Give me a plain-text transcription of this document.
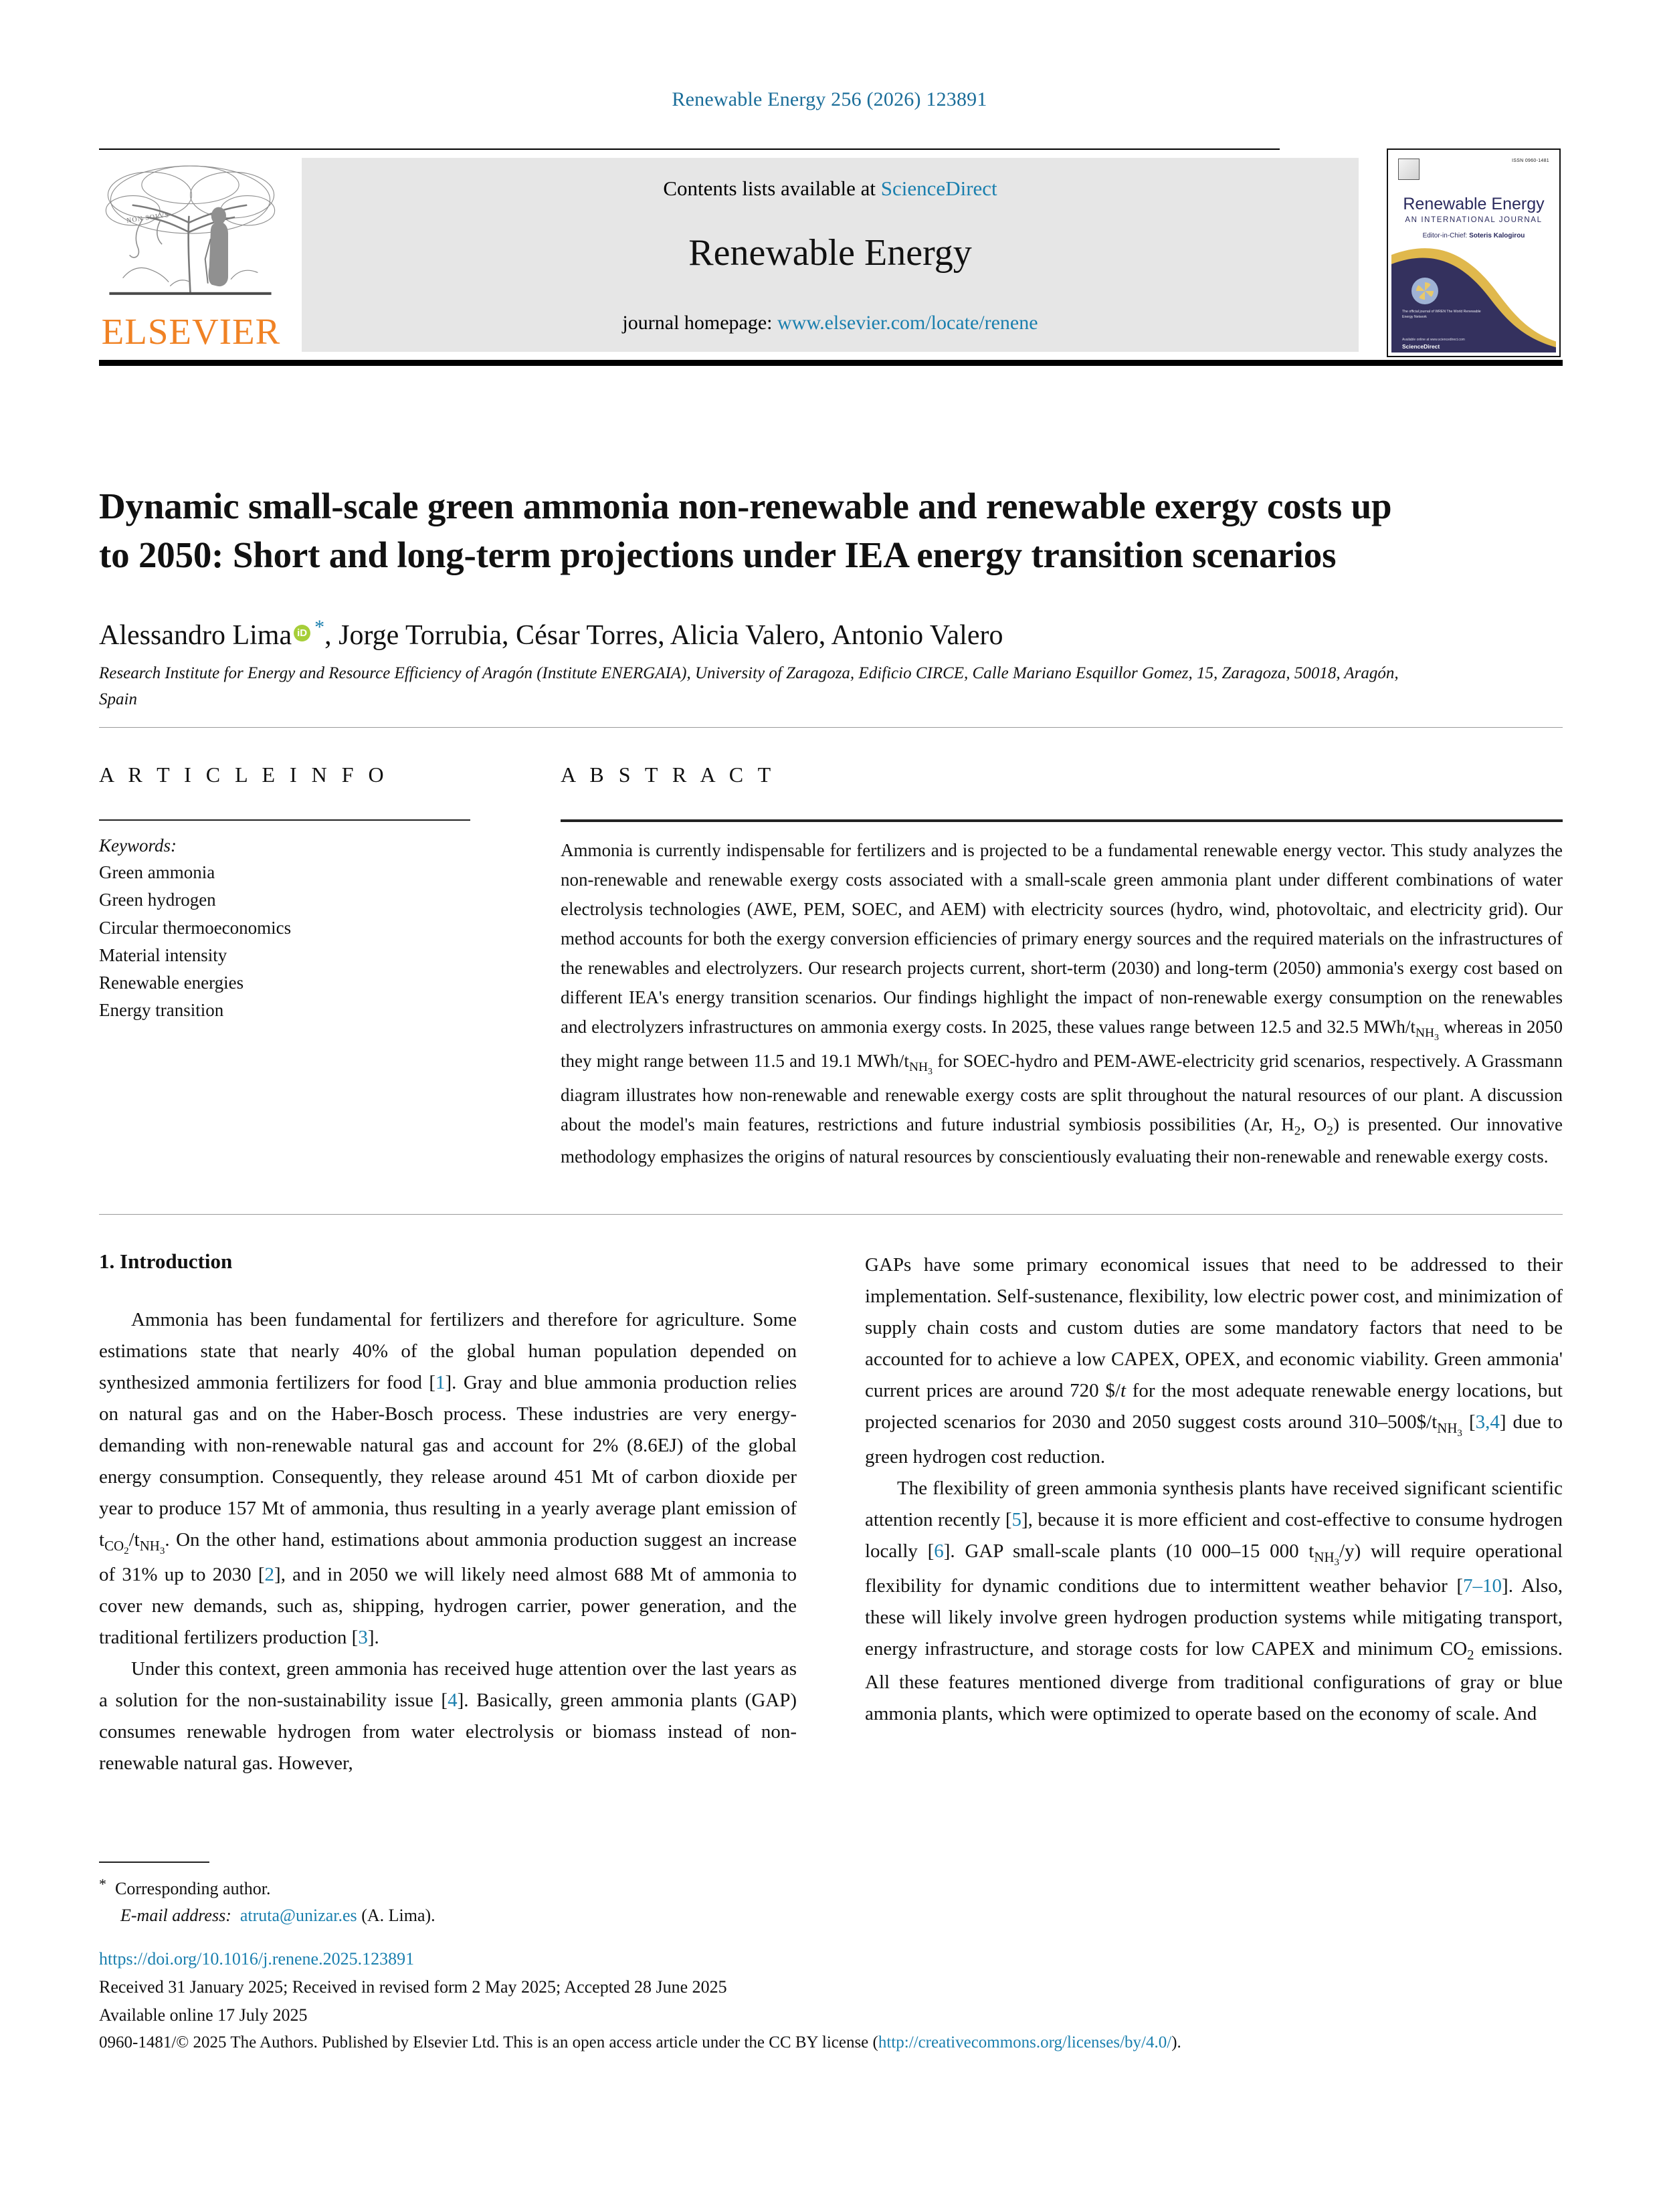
Renewable Energy 256 (2026) 123891
NON SOLVS
ELSEVIER
Contents lists available at ScienceDirect
Renewable Energy
journal homepage: www.elsevier.com/locate/renene
ISSN 0960-1481
Renewable Energy
AN INTERNATIONAL JOURNAL
Editor-in-Chief: Soteris Kalogirou
The official journal of WREN The World Renewable Energy Network
Available online at www.sciencedirect.com
ScienceDirect
Dynamic small-scale green ammonia non-renewable and renewable exergy costs up to 2050: Short and long-term projections under IEA energy transition scenarios
Alessandro Lima iD *, Jorge Torrubia, César Torres, Alicia Valero, Antonio Valero
Research Institute for Energy and Resource Efficiency of Aragón (Institute ENERGAIA), University of Zaragoza, Edificio CIRCE, Calle Mariano Esquillor Gomez, 15, Zaragoza, 50018, Aragón, Spain
A R T I C L E I N F O
Keywords:
Green ammonia
Green hydrogen
Circular thermoeconomics
Material intensity
Renewable energies
Energy transition
A B S T R A C T
Ammonia is currently indispensable for fertilizers and is projected to be a fundamental renewable energy vector. This study analyzes the non-renewable and renewable exergy costs associated with a small-scale green ammonia plant under different combinations of water electrolysis technologies (AWE, PEM, SOEC, and AEM) with electricity sources (hydro, wind, photovoltaic, and electricity grid). Our method accounts for both the exergy conversion efficiencies of primary energy sources and the required materials on the infrastructures of the renewables and electrolyzers. Our research projects current, short-term (2030) and long-term (2050) ammonia's exergy cost based on different IEA's energy transition scenarios. Our findings highlight the impact of non-renewable exergy consumption on the renewables and electrolyzers infrastructures on ammonia exergy costs. In 2025, these values range between 12.5 and 32.5 MWh/$t_{NH_3}$ whereas in 2050 they might range between 11.5 and 19.1 MWh/$t_{NH_3}$ for SOEC-hydro and PEM-AWE-electricity grid scenarios, respectively. A Grassmann diagram illustrates how non-renewable and renewable exergy costs are split throughout the natural resources of our plant. A discussion about the model's main features, restrictions and future industrial symbiosis possibilities (Ar, $H_2$, $O_2$) is presented. Our innovative methodology emphasizes the origins of natural resources by conscientiously evaluating their non-renewable and renewable exergy costs.
1. Introduction

Ammonia has been fundamental for fertilizers and therefore for agriculture. Some estimations state that nearly 40% of the global human population depended on synthesized ammonia fertilizers for food [1]. Gray and blue ammonia production relies on natural gas and on the Haber-Bosch process. These industries are very energy-demanding with non-renewable natural gas and account for 2% (8.6EJ) of the global energy consumption. Consequently, they release around 451 Mt of carbon dioxide per year to produce 157 Mt of ammonia, thus resulting in a yearly average plant emission of $t_{CO_2}/t_{NH_3}$. On the other hand, estimations about ammonia production suggest an increase of 31% up to 2030 [2], and in 2050 we will likely need almost 688 Mt of ammonia to cover new demands, such as, shipping, hydrogen carrier, power generation, and the traditional fertilizers production [3].

Under this context, green ammonia has received huge attention over the last years as a solution for the non-sustainability issue [4]. Basically, green ammonia plants (GAP) consumes renewable hydrogen from water electrolysis or biomass instead of non-renewable natural gas. However,

GAPs have some primary economical issues that need to be addressed to their implementation. Self-sustenance, flexibility, low electric power cost, and minimization of supply chain costs and custom duties are some mandatory factors that need to be accounted for to achieve a low CAPEX, OPEX, and economic viability. Green ammonia' current prices are around 720 $/t for the most adequate renewable energy locations, but projected scenarios for 2030 and 2050 suggest costs around $310-500\$/t_{NH_3}$ [3,4] due to green hydrogen cost reduction.

The flexibility of green ammonia synthesis plants have received significant scientific attention recently [5], because it is more efficient and cost-effective to consume hydrogen locally [6]. GAP small-scale plants (10 000–15 000 $t_{NH_3}/y$) will require operational flexibility for dynamic conditions due to intermittent weather behavior [7–10]. Also, these will likely involve green hydrogen production systems while mitigating transport, energy infrastructure, and storage costs for low CAPEX and minimum $CO_2$ emissions. All these features mentioned diverge from traditional configurations of gray or blue ammonia plants, which were optimized to operate based on the economy of scale. And

* Corresponding author.
E-mail address: atruta@unizar.es (A. Lima).
https://doi.org/10.1016/j.renene.2025.123891
Received 31 January 2025; Received in revised form 2 May 2025; Accepted 28 June 2025
Available online 17 July 2025
0960-1481/© 2025 The Authors. Published by Elsevier Ltd. This is an open access article under the CC BY license (http://creativecommons.org/licenses/by/4.0/).
